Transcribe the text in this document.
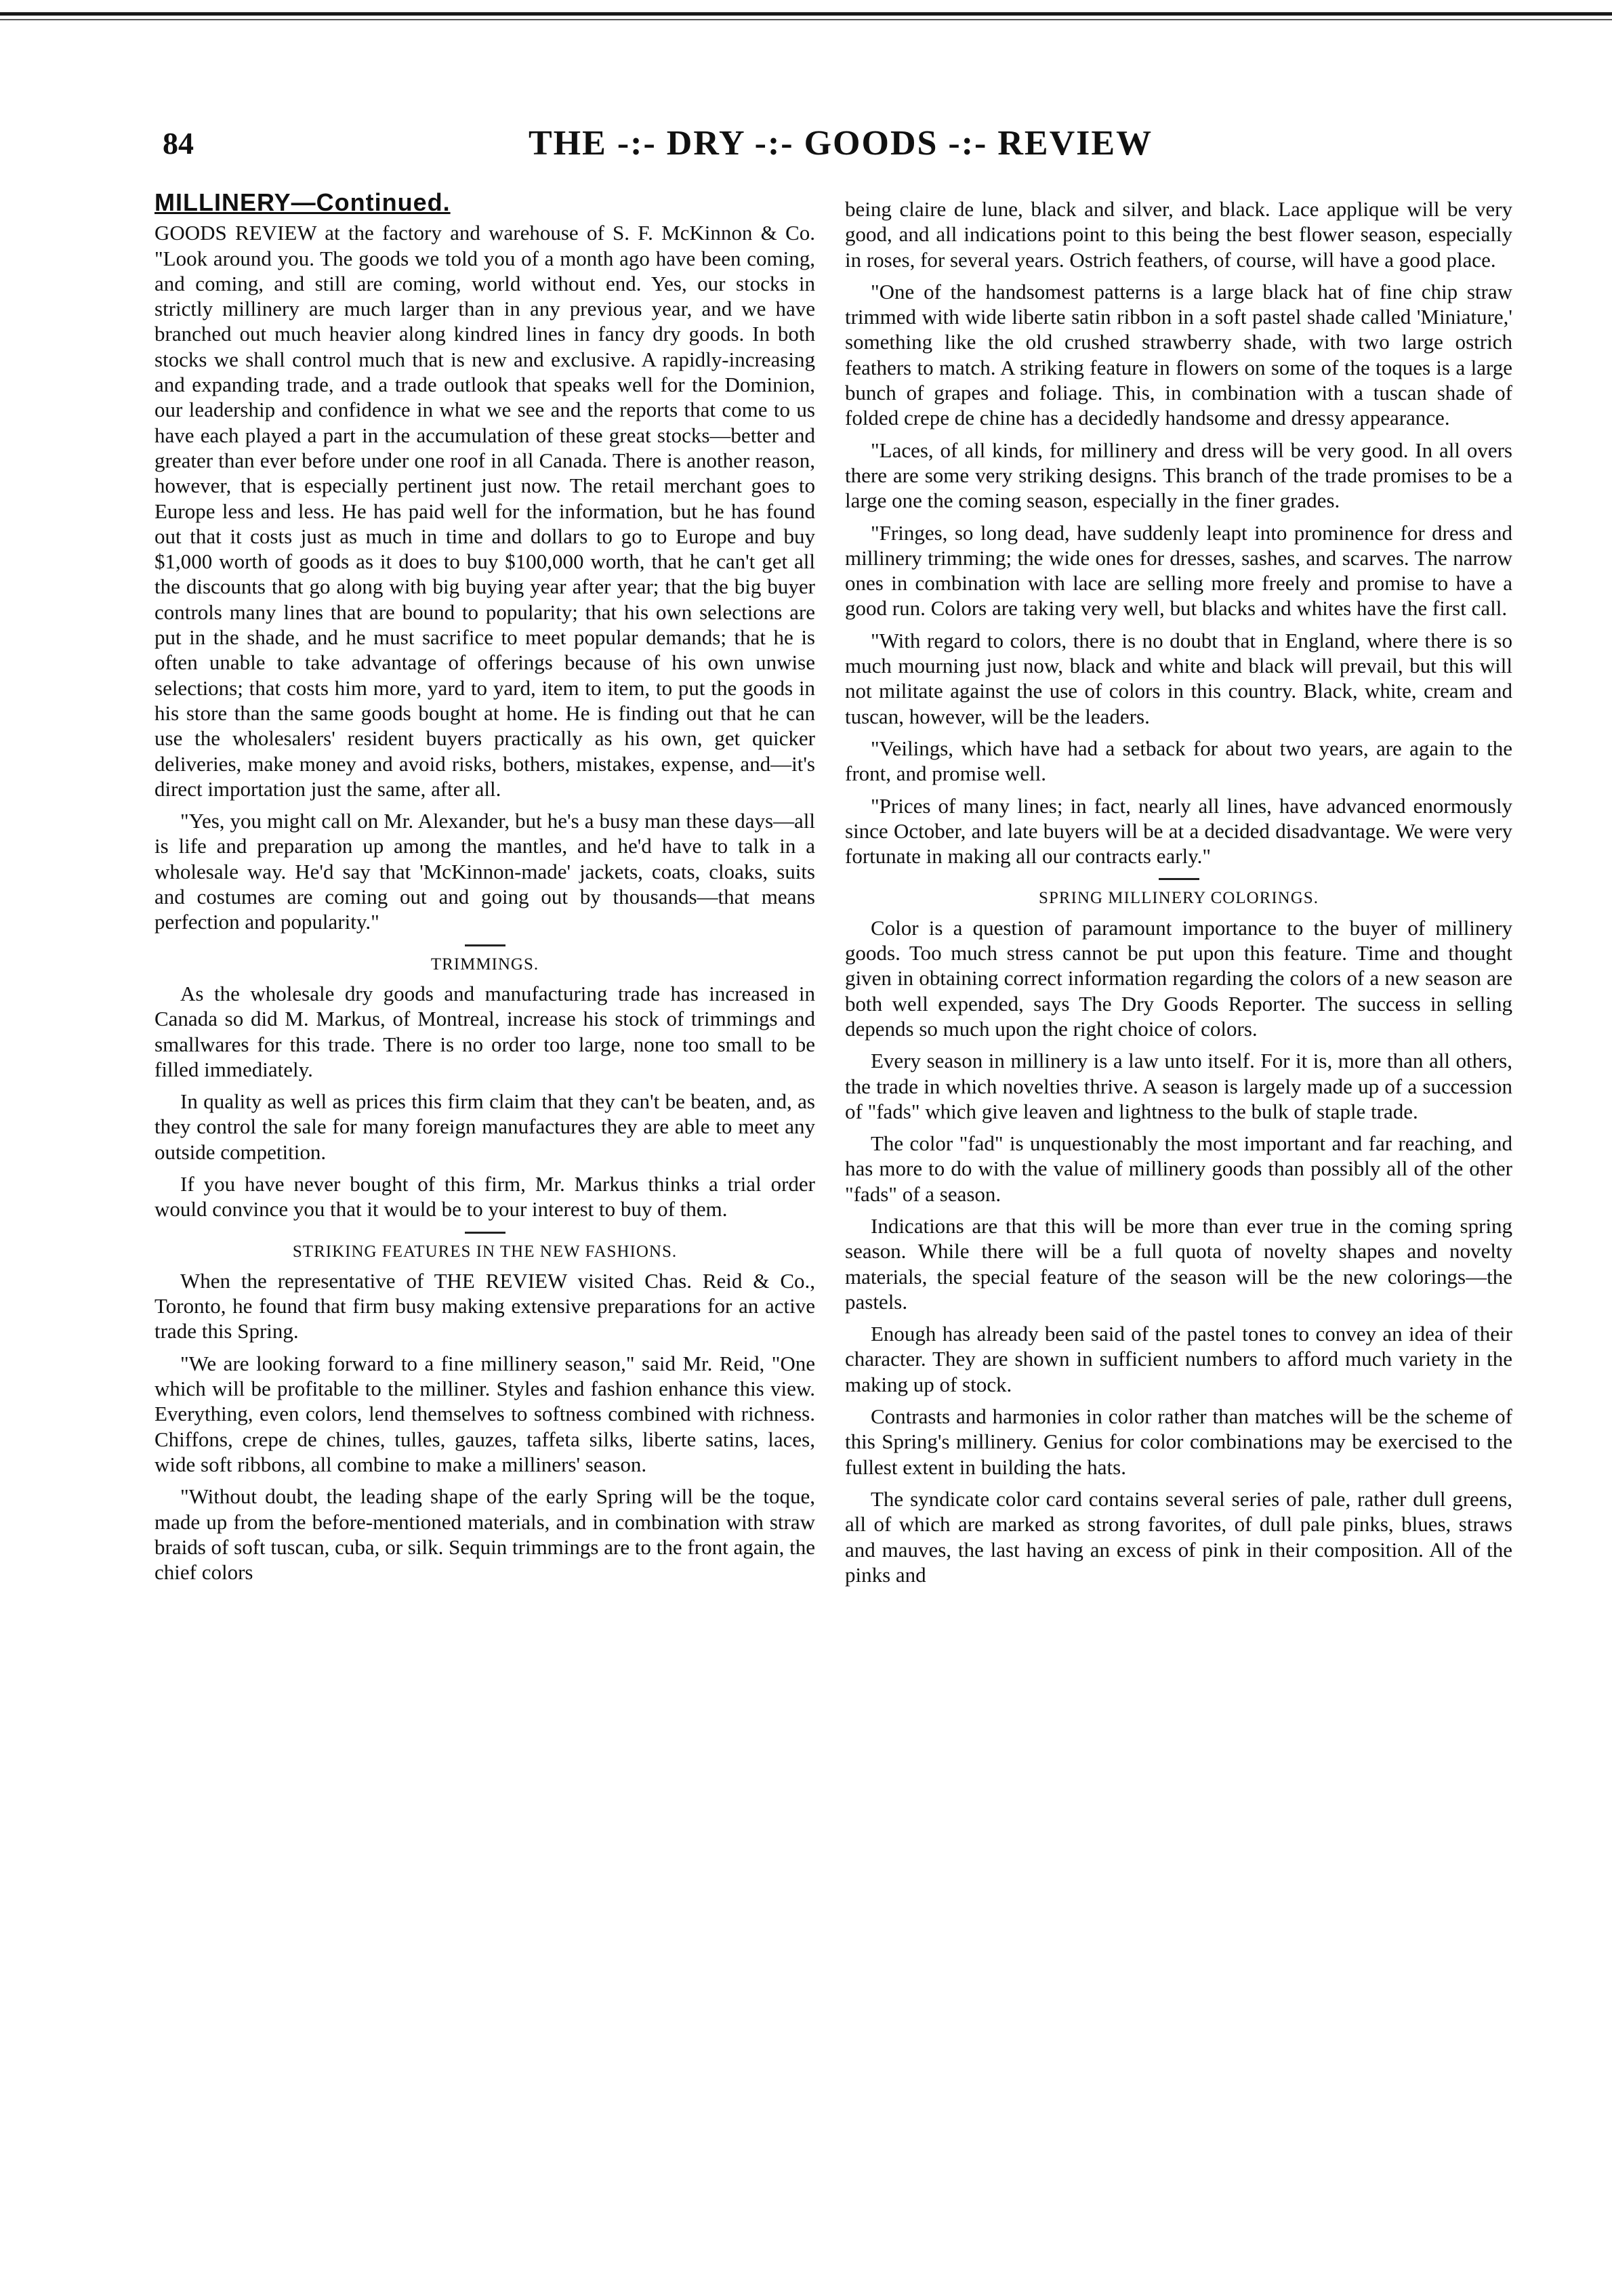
84	THE -:- DRY -:- GOODS -:- REVIEW
MILLINERY—Continued.

GOODS REVIEW at the factory and warehouse of S. F. McKinnon & Co. "Look around you. The goods we told you of a month ago have been coming, and coming, and still are coming, world without end. Yes, our stocks in strictly millinery are much larger than in any previous year, and we have branched out much heavier along kindred lines in fancy dry goods. In both stocks we shall control much that is new and exclusive. A rapidly-increasing and expanding trade, and a trade outlook that speaks well for the Dominion, our leadership and confidence in what we see and the reports that come to us have each played a part in the accumulation of these great stocks—better and greater than ever before under one roof in all Canada. There is another reason, however, that is especially pertinent just now. The retail merchant goes to Europe less and less. He has paid well for the information, but he has found out that it costs just as much in time and dollars to go to Europe and buy $1,000 worth of goods as it does to buy $100,000 worth, that he can't get all the discounts that go along with big buying year after year; that the big buyer controls many lines that are bound to popularity; that his own selections are put in the shade, and he must sacrifice to meet popular demands; that he is often unable to take advantage of offerings because of his own unwise selections; that costs him more, yard to yard, item to item, to put the goods in his store than the same goods bought at home. He is finding out that he can use the wholesalers' resident buyers practically as his own, get quicker deliveries, make money and avoid risks, bothers, mistakes, expense, and—it's direct importation just the same, after all.

"Yes, you might call on Mr. Alexander, but he's a busy man these days—all is life and preparation up among the mantles, and he'd have to talk in a wholesale way. He'd say that 'McKinnon-made' jackets, coats, cloaks, suits and costumes are coming out and going out by thousands—that means perfection and popularity."

TRIMMINGS.

As the wholesale dry goods and manufacturing trade has increased in Canada so did M. Markus, of Montreal, increase his stock of trimmings and smallwares for this trade. There is no order too large, none too small to be filled immediately.

In quality as well as prices this firm claim that they can't be beaten, and, as they control the sale for many foreign manufactures they are able to meet any outside competition.

If you have never bought of this firm, Mr. Markus thinks a trial order would convince you that it would be to your interest to buy of them.

STRIKING FEATURES IN THE NEW FASHIONS.

When the representative of THE REVIEW visited Chas. Reid & Co., Toronto, he found that firm busy making extensive preparations for an active trade this Spring.

"We are looking forward to a fine millinery season," said Mr. Reid, "One which will be profitable to the milliner. Styles and fashion enhance this view. Everything, even colors, lend themselves to softness combined with richness. Chiffons, crepe de chines, tulles, gauzes, taffeta silks, liberte satins, laces, wide soft ribbons, all combine to make a milliners' season.

"Without doubt, the leading shape of the early Spring will be the toque, made up from the before-mentioned materials, and in combination with straw braids of soft tuscan, cuba, or silk. Sequin trimmings are to the front again, the chief colors

being claire de lune, black and silver, and black. Lace applique will be very good, and all indications point to this being the best flower season, especially in roses, for several years. Ostrich feathers, of course, will have a good place.

"One of the handsomest patterns is a large black hat of fine chip straw trimmed with wide liberte satin ribbon in a soft pastel shade called 'Miniature,' something like the old crushed strawberry shade, with two large ostrich feathers to match. A striking feature in flowers on some of the toques is a large bunch of grapes and foliage. This, in combination with a tuscan shade of folded crepe de chine has a decidedly handsome and dressy appearance.

"Laces, of all kinds, for millinery and dress will be very good. In all overs there are some very striking designs. This branch of the trade promises to be a large one the coming season, especially in the finer grades.

"Fringes, so long dead, have suddenly leapt into prominence for dress and millinery trimming; the wide ones for dresses, sashes, and scarves. The narrow ones in combination with lace are selling more freely and promise to have a good run. Colors are taking very well, but blacks and whites have the first call.

"With regard to colors, there is no doubt that in England, where there is so much mourning just now, black and white and black will prevail, but this will not militate against the use of colors in this country. Black, white, cream and tuscan, however, will be the leaders.

"Veilings, which have had a setback for about two years, are again to the front, and promise well.

"Prices of many lines; in fact, nearly all lines, have advanced enormously since October, and late buyers will be at a decided disadvantage. We were very fortunate in making all our contracts early."

SPRING MILLINERY COLORINGS.

Color is a question of paramount importance to the buyer of millinery goods. Too much stress cannot be put upon this feature. Time and thought given in obtaining correct information regarding the colors of a new season are both well expended, says The Dry Goods Reporter. The success in selling depends so much upon the right choice of colors.

Every season in millinery is a law unto itself. For it is, more than all others, the trade in which novelties thrive. A season is largely made up of a succession of "fads" which give leaven and lightness to the bulk of staple trade.

The color "fad" is unquestionably the most important and far reaching, and has more to do with the value of millinery goods than possibly all of the other "fads" of a season.

Indications are that this will be more than ever true in the coming spring season. While there will be a full quota of novelty shapes and novelty materials, the special feature of the season will be the new colorings—the pastels.

Enough has already been said of the pastel tones to convey an idea of their character. They are shown in sufficient numbers to afford much variety in the making up of stock.

Contrasts and harmonies in color rather than matches will be the scheme of this Spring's millinery. Genius for color combinations may be exercised to the fullest extent in building the hats.

The syndicate color card contains several series of pale, rather dull greens, all of which are marked as strong favorites, of dull pale pinks, blues, straws and mauves, the last having an excess of pink in their composition. All of the pinks and
